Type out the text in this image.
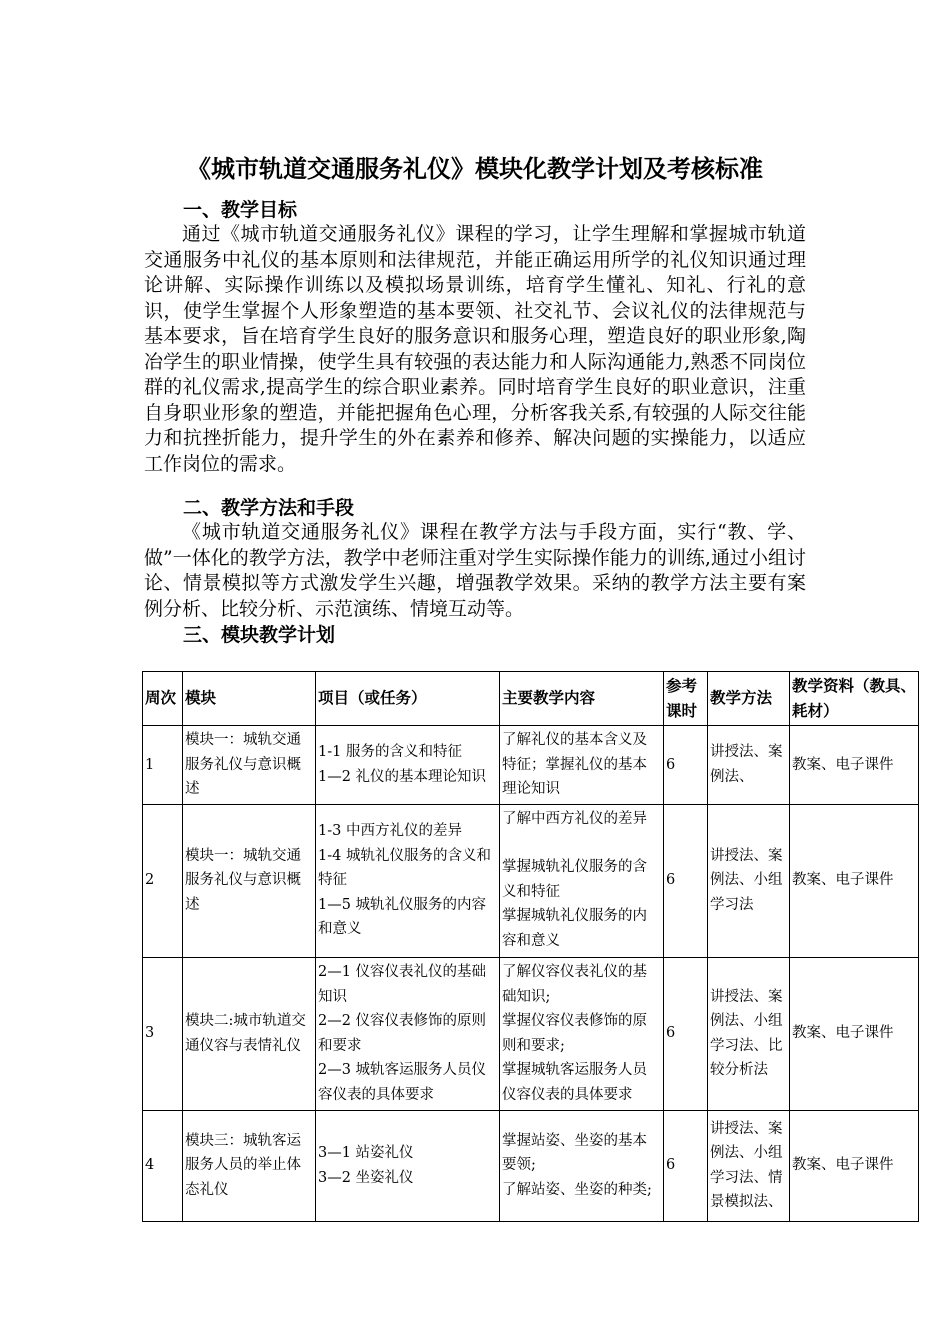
《城市轨道交通服务礼仪》模块化教学计划及考核标准
一、教学目标
通过《城市轨道交通服务礼仪》课程的学习，让学生理解和掌握城市轨道交通服务中礼仪的基本原则和法律规范，并能正确运用所学的礼仪知识通过理论讲解、实际操作训练以及模拟场景训练，培育学生懂礼、知礼、行礼的意识，使学生掌握个人形象塑造的基本要领、社交礼节、会议礼仪的法律规范与基本要求，旨在培育学生良好的服务意识和服务心理，塑造良好的职业形象,陶冶学生的职业情操，使学生具有较强的表达能力和人际沟通能力,熟悉不同岗位群的礼仪需求,提高学生的综合职业素养。同时培育学生良好的职业意识，注重自身职业形象的塑造，并能把握角色心理，分析客我关系,有较强的人际交往能力和抗挫折能力，提升学生的外在素养和修养、解决问题的实操能力，以适应工作岗位的需求。
二、教学方法和手段
《城市轨道交通服务礼仪》课程在教学方法与手段方面，实行“教、学、做”一体化的教学方法，教学中老师注重对学生实际操作能力的训练,通过小组讨论、情景模拟等方式激发学生兴趣，增强教学效果。采纳的教学方法主要有案例分析、比较分析、示范演练、情境互动等。
三、模块教学计划
周次	模块	项目（或任务）	主要教学内容	参考课时	教学方法	教学资料（教具、耗材）
1	模块一：城轨交通服务礼仪与意识概述	1-1 服务的含义和特征
1—2 礼仪的基本理论知识	了解礼仪的基本含义及特征；掌握礼仪的基本理论知识	6	讲授法、案例法、	教案、电子课件
2	模块一：城轨交通服务礼仪与意识概述	1-3 中西方礼仪的差异
1-4 城轨礼仪服务的含义和特征
1—5 城轨礼仪服务的内容和意义	了解中西方礼仪的差异
掌握城轨礼仪服务的含义和特征
掌握城轨礼仪服务的内容和意义	6	讲授法、案例法、小组学习法	教案、电子课件
3	模块二:城市轨道交通仪容与表情礼仪	2—1 仪容仪表礼仪的基础知识
2—2 仪容仪表修饰的原则和要求
2—3 城轨客运服务人员仪容仪表的具体要求	了解仪容仪表礼仪的基础知识;
掌握仪容仪表修饰的原则和要求;
掌握城轨客运服务人员仪容仪表的具体要求	6	讲授法、案例法、小组学习法、比较分析法	教案、电子课件
4	模块三：城轨客运服务人员的举止体态礼仪	3—1 站姿礼仪
3—2 坐姿礼仪	掌握站姿、坐姿的基本要领;
了解站姿、坐姿的种类;	6	讲授法、案例法、小组学习法、情景模拟法、	教案、电子课件
